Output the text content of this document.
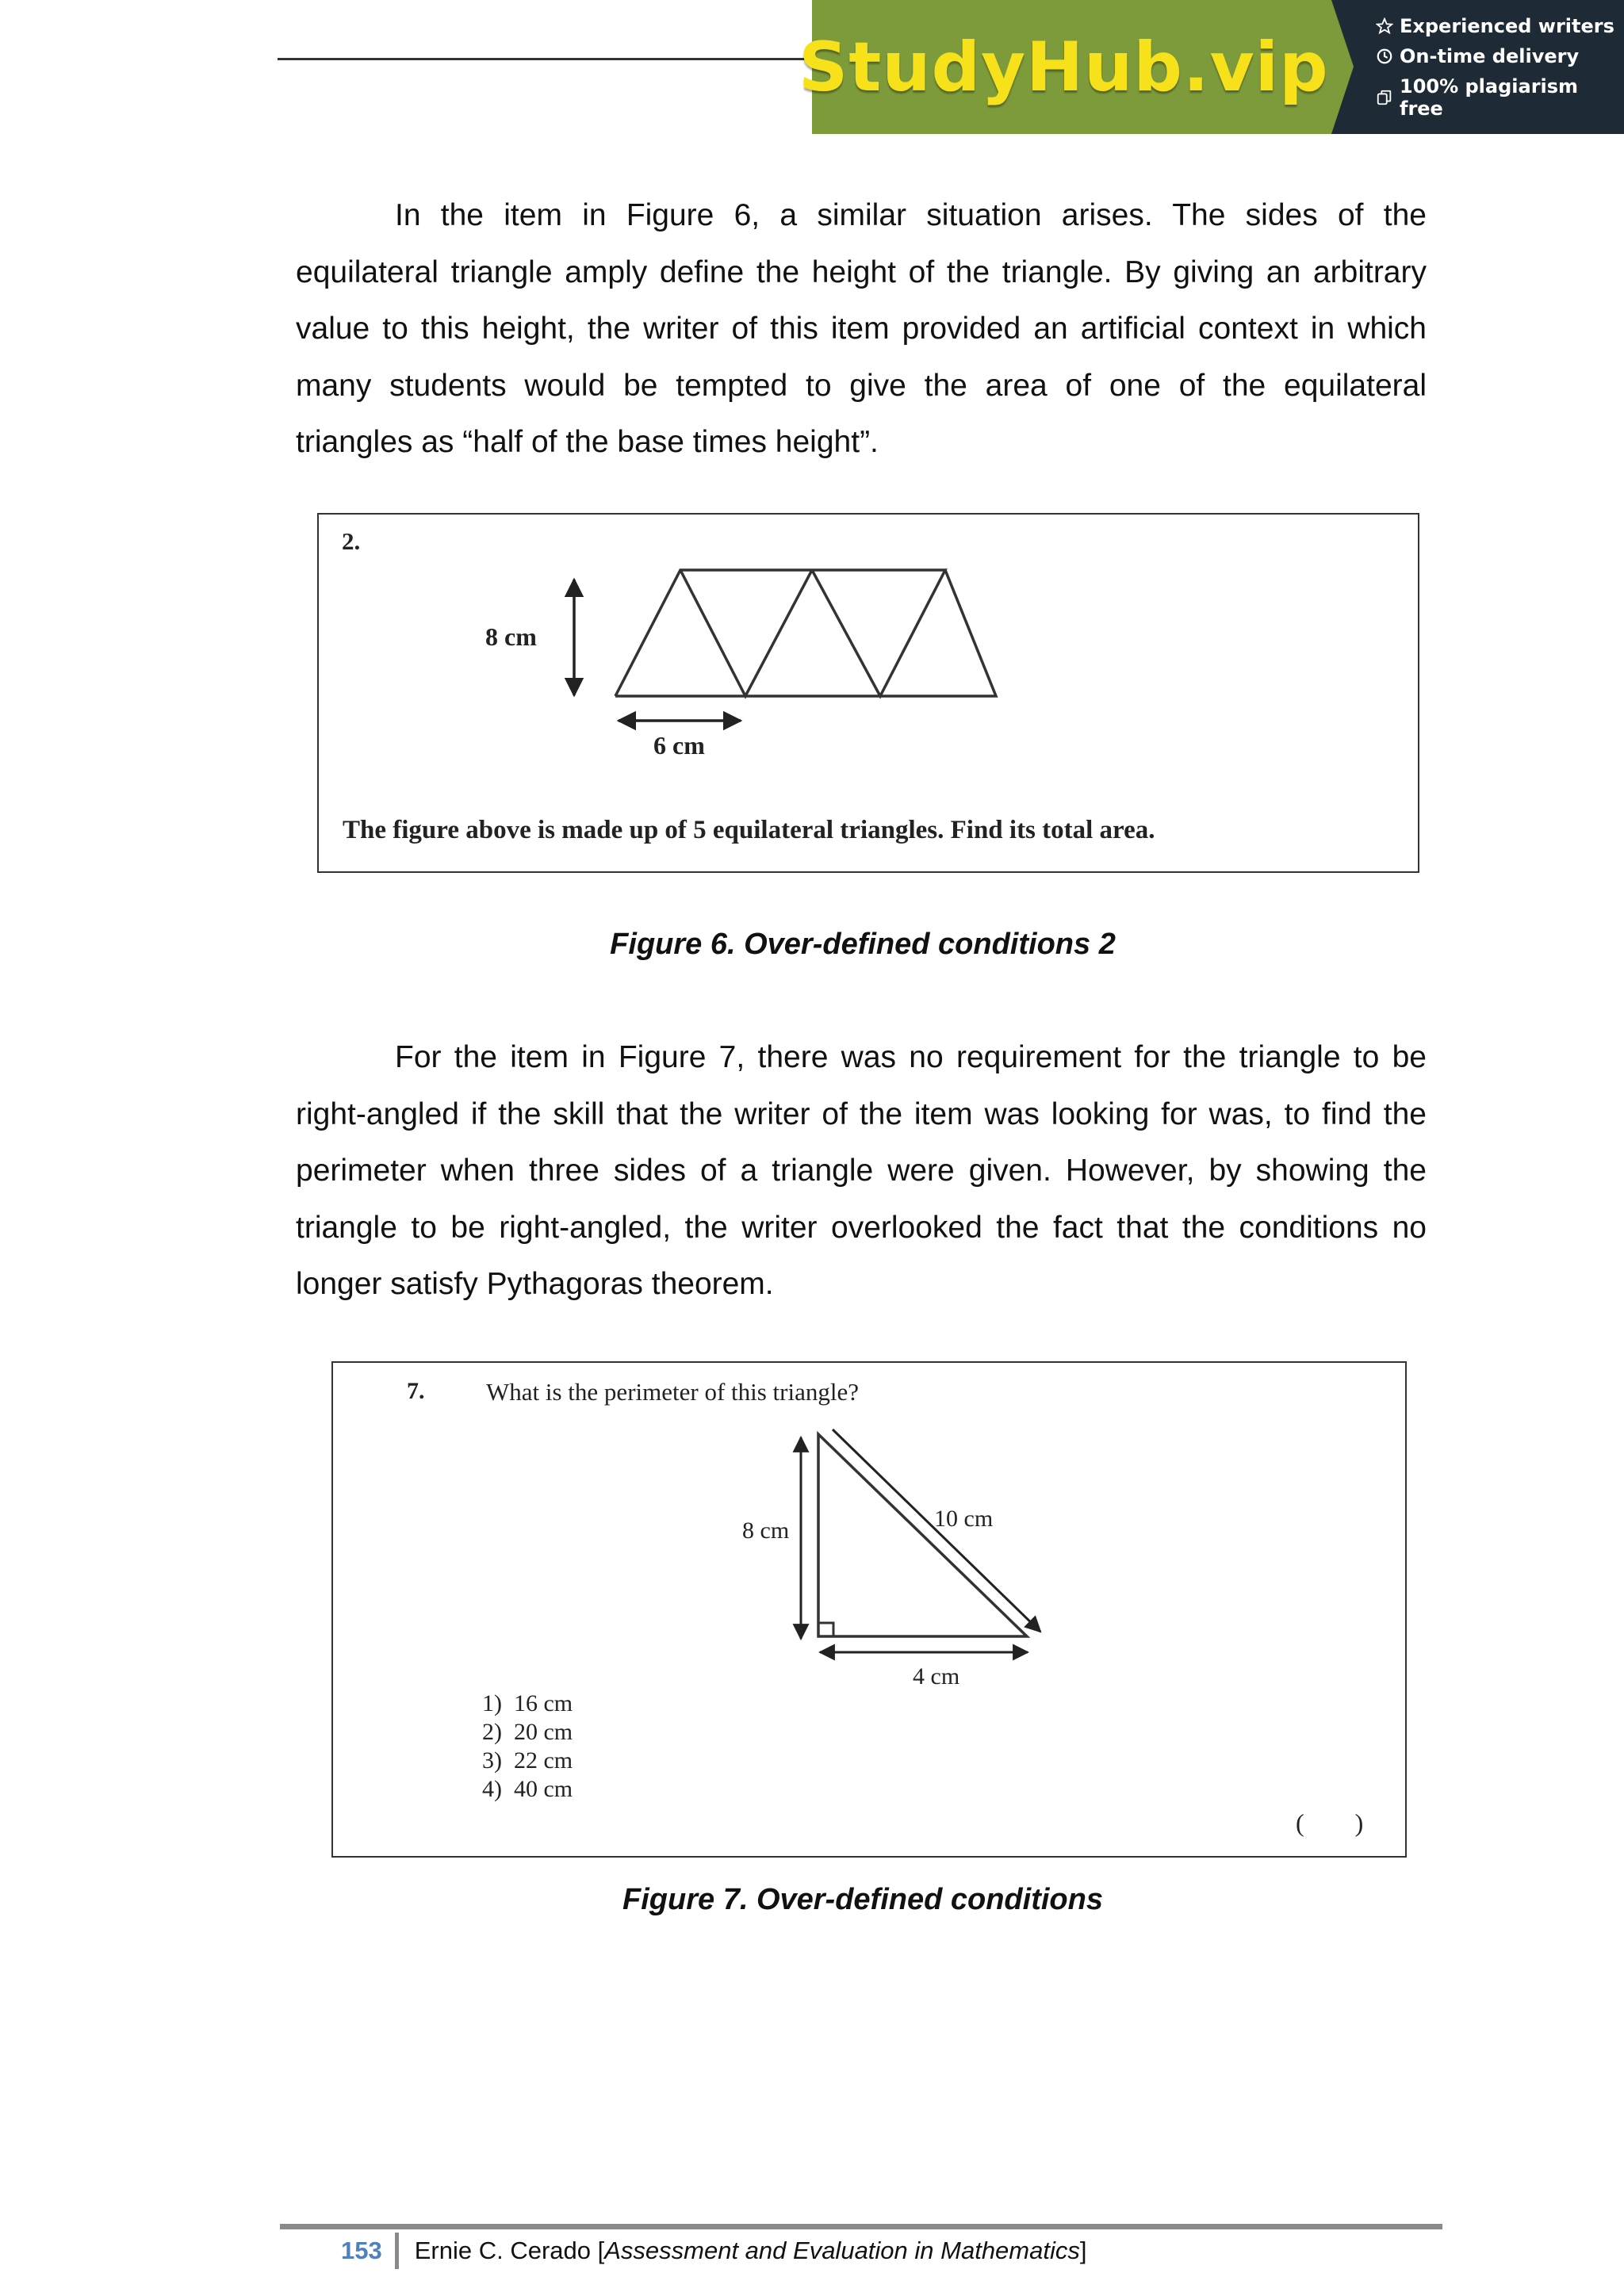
StudyHub.vip
Experienced writers
On-time delivery
100% plagiarism free

In the item in Figure 6, a similar situation arises. The sides of the equilateral triangle amply define the height of the triangle. By giving an arbitrary value to this height, the writer of this item provided an artificial context in which many students would be tempted to give the area of one of the equilateral triangles as “half of the base times height”.

2.
8 cm
6 cm
The figure above is made up of 5 equilateral triangles. Find its total area.

Figure 6. Over-defined conditions 2

For the item in Figure 7, there was no requirement for the triangle to be right-angled if the skill that the writer of the item was looking for was, to find the perimeter when three sides of a triangle were given. However, by showing the triangle to be right-angled, the writer overlooked the fact that the conditions no longer satisfy Pythagoras theorem.

7.	What is the perimeter of this triangle?
8 cm	10 cm
4 cm
1)  16 cm
2)  20 cm
3)  22 cm
4)  40 cm
(        )

Figure 7. Over-defined conditions

153	Ernie C. Cerado [ Assessment and Evaluation in Mathematics ]
